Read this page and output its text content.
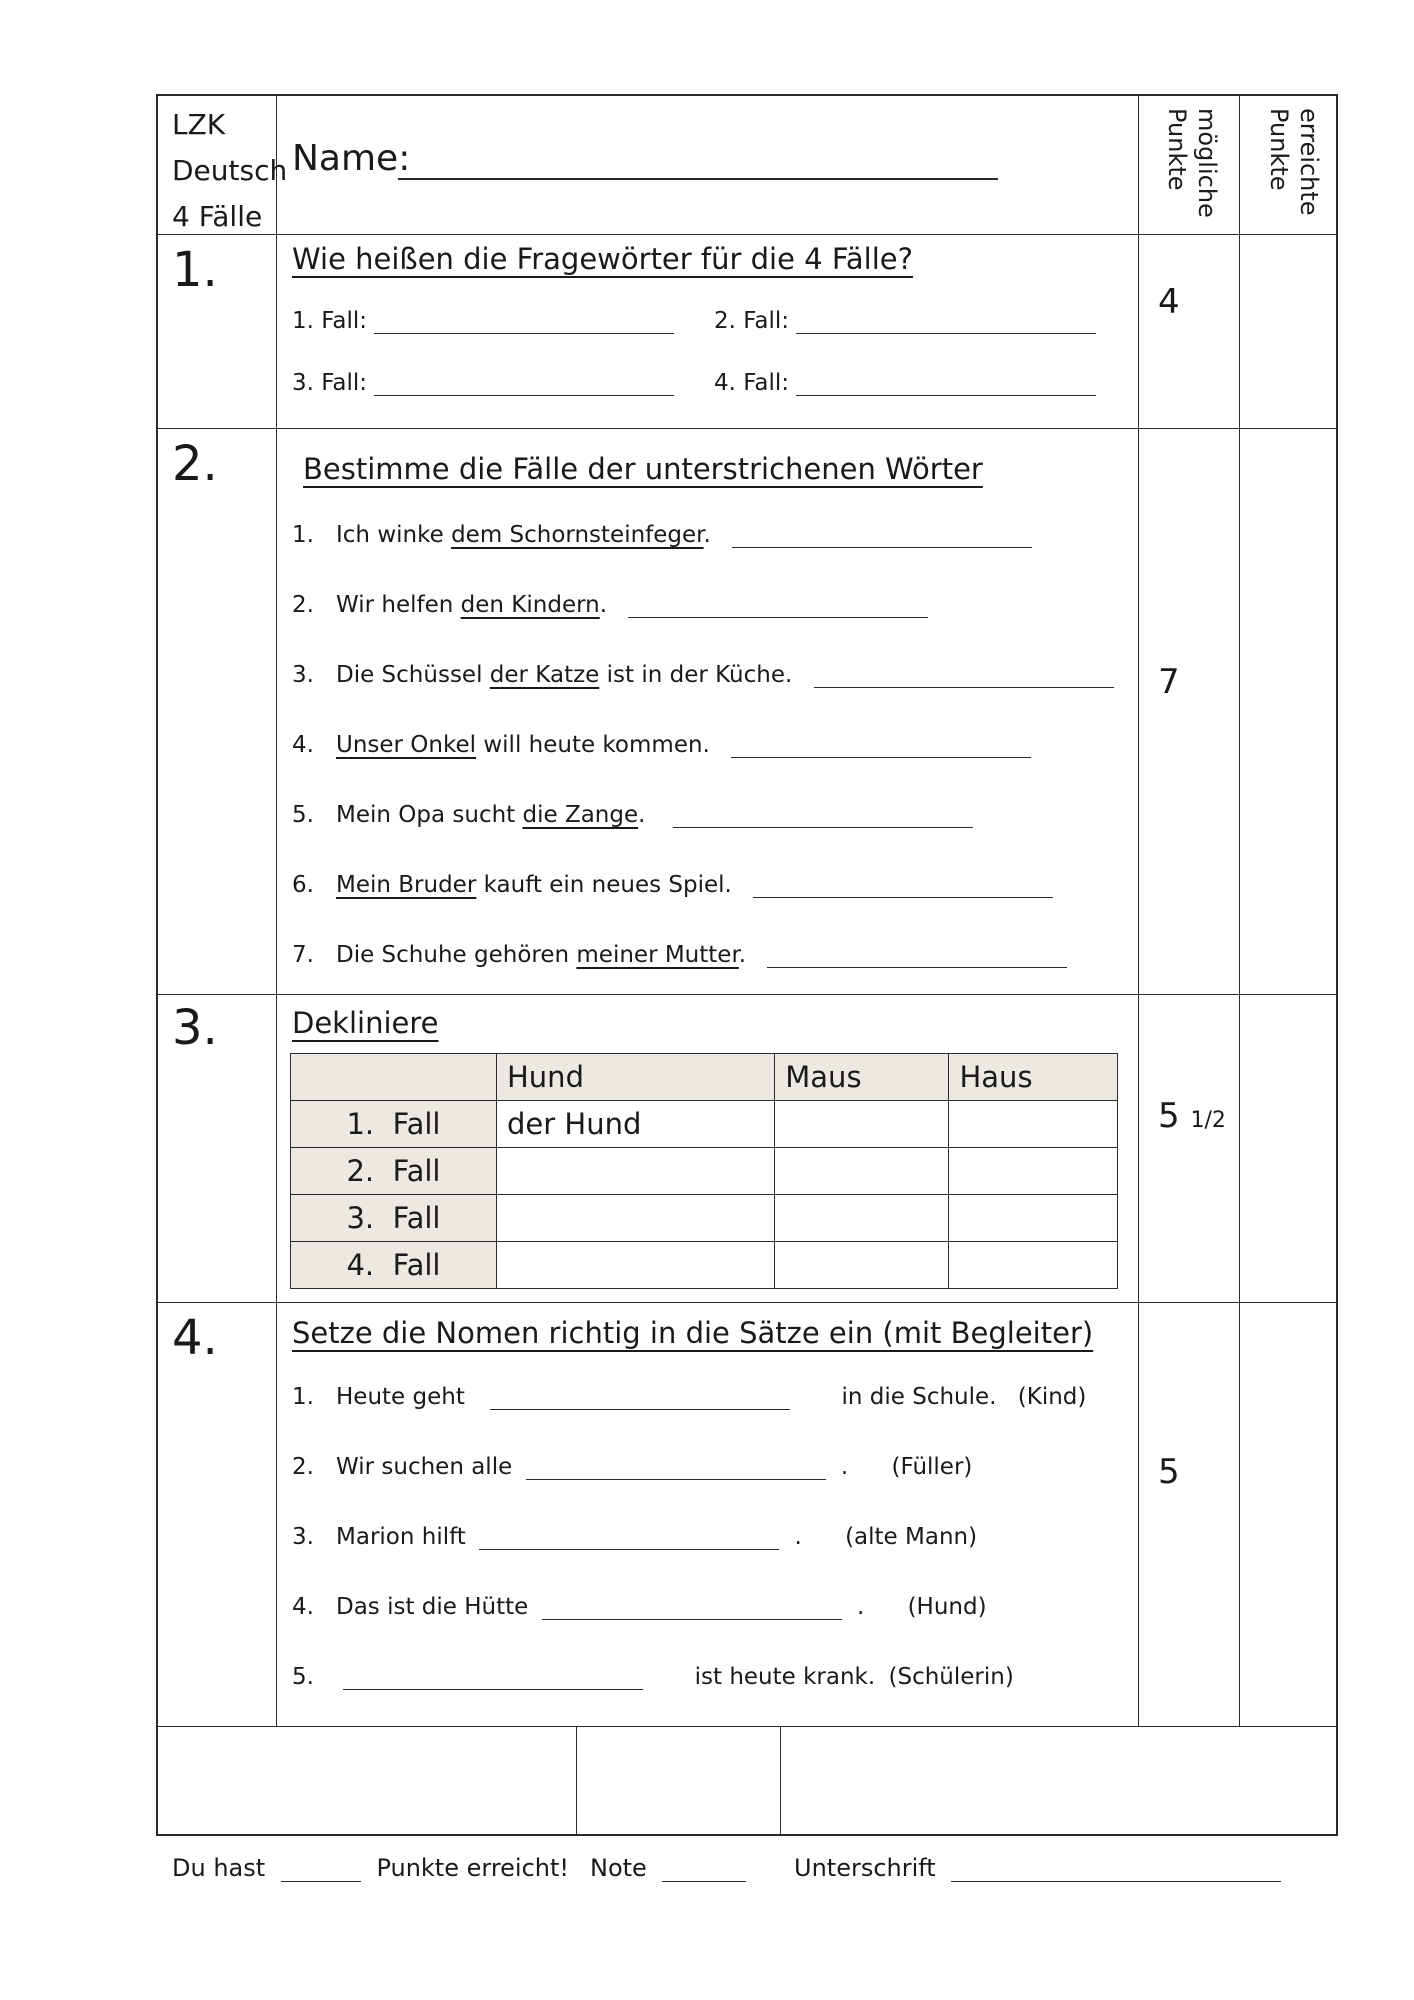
LZK
Deutsch
4 Fälle
Name:	mögliche Punkte	erreichte Punkte
1.	Wie heißen die Fragewörter für die 4 Fälle?
1. Fall:	2. Fall:
3. Fall:	4. Fall:
4
2.	Bestimme die Fälle der unterstrichenen Wörter
1. Ich winke dem Schornsteinfeger.
2. Wir helfen den Kindern.
3. Die Schüssel der Katze ist in der Küche.
4. Unser Onkel will heute kommen.
5. Mein Opa sucht die Zange.
6. Mein Bruder kauft ein neues Spiel.
7. Die Schuhe gehören meiner Mutter.
7
3.	Dekliniere
	Hund	Maus	Haus
1.  Fall	der Hund		
2.  Fall			
3.  Fall			
4.  Fall			
5 1/2
4.	Setze die Nomen richtig in die Sätze ein (mit Begleiter)
1. Heute geht	in die Schule. (Kind)
2. Wir suchen alle	. (Füller)
3. Marion hilft	. (alte Mann)
4. Das ist die Hütte	. (Hund)
5.	ist heute krank. (Schülerin)
5
Du hast	Punkte erreicht! Note	Unterschrift
